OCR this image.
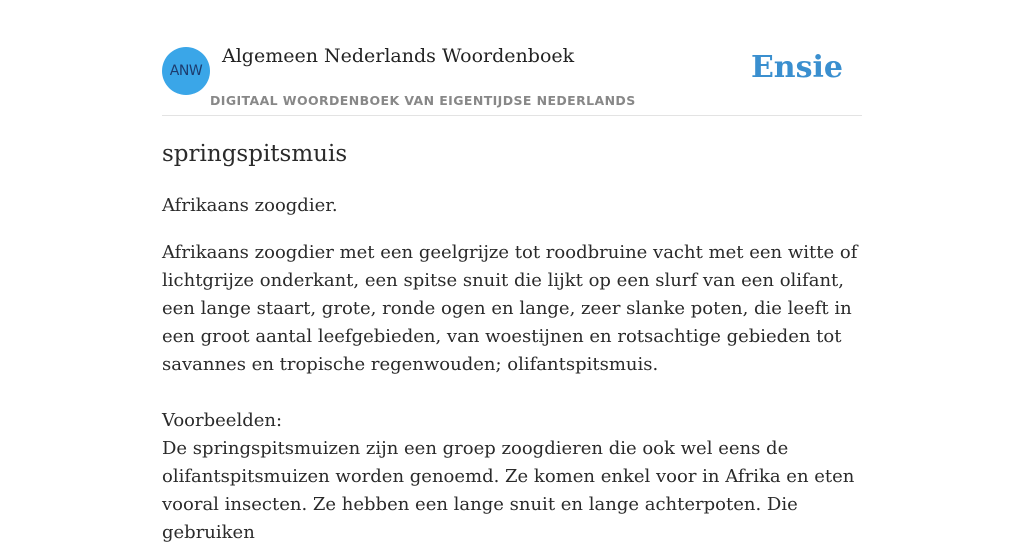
ANW
Algemeen Nederlands Woordenboek
DIGITAAL WOORDENBOEK VAN EIGENTIJDSE NEDERLANDS
Ensie
springspitsmuis

Afrikaans zoogdier.

Afrikaans zoogdier met een geelgrijze tot roodbruine vacht met een witte of lichtgrijze onderkant, een spitse snuit die lijkt op een slurf van een olifant, een lange staart, grote, ronde ogen en lange, zeer slanke poten, die leeft in een groot aantal leefgebieden, van woestijnen en rotsachtige gebieden tot savannes en tropische regenwouden; olifantspitsmuis.

Voorbeelden:

De springspitsmuizen zijn een groep zoogdieren die ook wel eens de olifantspitsmuizen worden genoemd. Ze komen enkel voor in Afrika en eten vooral insecten. Ze hebben een lange snuit en lange achterpoten. Die gebruiken
